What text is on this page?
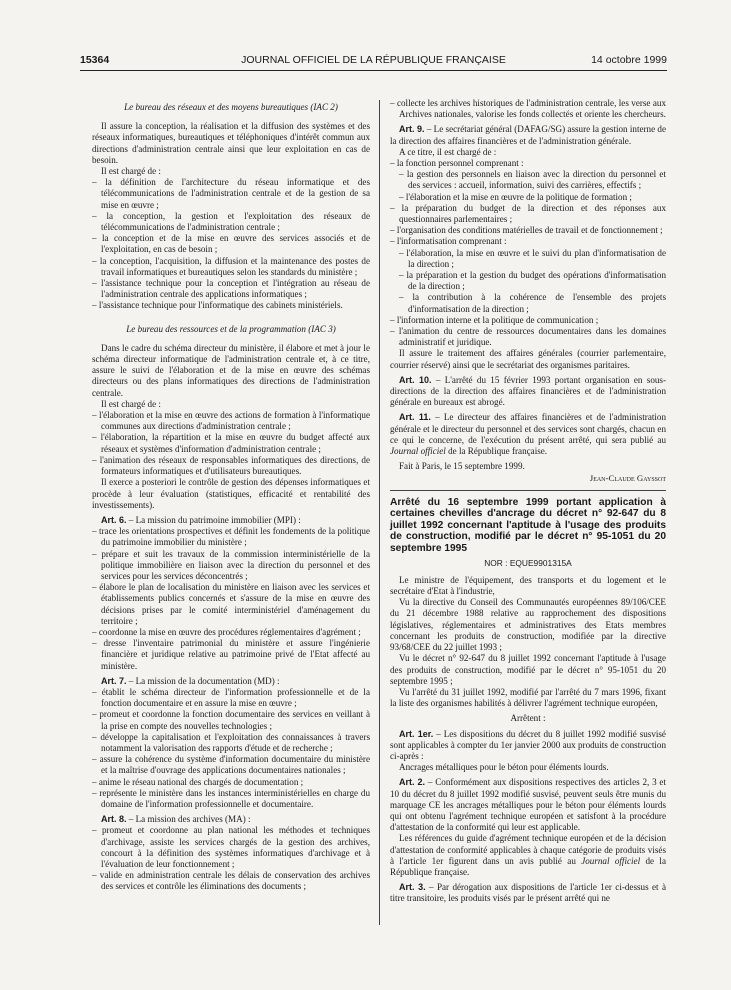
15364	JOURNAL OFFICIEL DE LA RÉPUBLIQUE FRANÇAISE	14 octobre 1999

Le bureau des réseaux et des moyens bureautiques (IAC 2)

Il assure la conception, la réalisation et la diffusion des systèmes et des réseaux informatiques, bureautiques et téléphoniques d'intérêt commun aux directions d'administration centrale ainsi que leur exploitation en cas de besoin.

Il est chargé de :

– la définition de l'architecture du réseau informatique et des télécommunications de l'administration centrale et de la gestion de sa mise en œuvre ;

– la conception, la gestion et l'exploitation des réseaux de télécommunications de l'administration centrale ;

– la conception et de la mise en œuvre des services associés et de l'exploitation, en cas de besoin ;

– la conception, l'acquisition, la diffusion et la maintenance des postes de travail informatiques et bureautiques selon les standards du ministère ;

– l'assistance technique pour la conception et l'intégration au réseau de l'administration centrale des applications informatiques ;

– l'assistance technique pour l'informatique des cabinets ministériels.

Le bureau des ressources et de la programmation (IAC 3)

Dans le cadre du schéma directeur du ministère, il élabore et met à jour le schéma directeur informatique de l'administration centrale et, à ce titre, assure le suivi de l'élaboration et de la mise en œuvre des schémas directeurs ou des plans informatiques des directions de l'administration centrale.

Il est chargé de :

– l'élaboration et la mise en œuvre des actions de formation à l'informatique communes aux directions d'administration centrale ;

– l'élaboration, la répartition et la mise en œuvre du budget affecté aux réseaux et systèmes d'information d'administration centrale ;

– l'animation des réseaux de responsables informatiques des directions, de formateurs informatiques et d'utilisateurs bureautiques.

Il exerce a posteriori le contrôle de gestion des dépenses informatiques et procède à leur évaluation (statistiques, efficacité et rentabilité des investissements).

Art. 6. – La mission du patrimoine immobilier (MPI) :

– trace les orientations prospectives et définit les fondements de la politique du patrimoine immobilier du ministère ;

– prépare et suit les travaux de la commission interministérielle de la politique immobilière en liaison avec la direction du personnel et des services pour les services déconcentrés ;

– élabore le plan de localisation du ministère en liaison avec les services et établissements publics concernés et s'assure de la mise en œuvre des décisions prises par le comité interministériel d'aménagement du territoire ;

– coordonne la mise en œuvre des procédures réglementaires d'agrément ;

– dresse l'inventaire patrimonial du ministère et assure l'ingénierie financière et juridique relative au patrimoine privé de l'Etat affecté au ministère.

Art. 7. – La mission de la documentation (MD) :

– établit le schéma directeur de l'information professionnelle et de la fonction documentaire et en assure la mise en œuvre ;

– promeut et coordonne la fonction documentaire des services en veillant à la prise en compte des nouvelles technologies ;

– développe la capitalisation et l'exploitation des connaissances à travers notamment la valorisation des rapports d'étude et de recherche ;

– assure la cohérence du système d'information documentaire du ministère et la maîtrise d'ouvrage des applications documentaires nationales ;

– anime le réseau national des chargés de documentation ;

– représente le ministère dans les instances interministérielles en charge du domaine de l'information professionnelle et documentaire.

Art. 8. – La mission des archives (MA) :

– promeut et coordonne au plan national les méthodes et techniques d'archivage, assiste les services chargés de la gestion des archives, concourt à la définition des systèmes informatiques d'archivage et à l'évaluation de leur fonctionnement ;

– valide en administration centrale les délais de conservation des archives des services et contrôle les éliminations des documents ;

– collecte les archives historiques de l'administration centrale, les verse aux Archives nationales, valorise les fonds collectés et oriente les chercheurs.

Art. 9. – Le secrétariat général (DAFAG/SG) assure la gestion interne de la direction des affaires financières et de l'administration générale.

A ce titre, il est chargé de :

– la fonction personnel comprenant :

– la gestion des personnels en liaison avec la direction du personnel et des services : accueil, information, suivi des carrières, effectifs ;

– l'élaboration et la mise en œuvre de la politique de formation ;

– la préparation du budget de la direction et des réponses aux questionnaires parlementaires ;

– l'organisation des conditions matérielles de travail et de fonctionnement ;

– l'informatisation comprenant :

– l'élaboration, la mise en œuvre et le suivi du plan d'informatisation de la direction ;

– la préparation et la gestion du budget des opérations d'informatisation de la direction ;

– la contribution à la cohérence de l'ensemble des projets d'informatisation de la direction ;

– l'information interne et la politique de communication ;

– l'animation du centre de ressources documentaires dans les domaines administratif et juridique.

Il assure le traitement des affaires générales (courrier parlementaire, courrier réservé) ainsi que le secrétariat des organismes paritaires.

Art. 10. – L'arrêté du 15 février 1993 portant organisation en sous-directions de la direction des affaires financières et de l'administration générale en bureaux est abrogé.

Art. 11. – Le directeur des affaires financières et de l'administration générale et le directeur du personnel et des services sont chargés, chacun en ce qui le concerne, de l'exécution du présent arrêté, qui sera publié au Journal officiel de la République française.

Fait à Paris, le 15 septembre 1999.

Jean-Claude Gayssot

Arrêté du 16 septembre 1999 portant application à certaines chevilles d'ancrage du décret n° 92-647 du 8 juillet 1992 concernant l'aptitude à l'usage des produits de construction, modifié par le décret n° 95-1051 du 20 septembre 1995

NOR : EQUE9901315A

Le ministre de l'équipement, des transports et du logement et le secrétaire d'Etat à l'industrie,

Vu la directive du Conseil des Communautés européennes 89/106/CEE du 21 décembre 1988 relative au rapprochement des dispositions législatives, réglementaires et administratives des Etats membres concernant les produits de construction, modifiée par la directive 93/68/CEE du 22 juillet 1993 ;

Vu le décret n° 92-647 du 8 juillet 1992 concernant l'aptitude à l'usage des produits de construction, modifié par le décret n° 95-1051 du 20 septembre 1995 ;

Vu l'arrêté du 31 juillet 1992, modifié par l'arrêté du 7 mars 1996, fixant la liste des organismes habilités à délivrer l'agrément technique européen,

Arrêtent :

Art. 1er. – Les dispositions du décret du 8 juillet 1992 modifié susvisé sont applicables à compter du 1er janvier 2000 aux produits de construction ci-après :

Ancrages métalliques pour le béton pour éléments lourds.

Art. 2. – Conformément aux dispositions respectives des articles 2, 3 et 10 du décret du 8 juillet 1992 modifié susvisé, peuvent seuls être munis du marquage CE les ancrages métalliques pour le béton pour éléments lourds qui ont obtenu l'agrément technique européen et satisfont à la procédure d'attestation de la conformité qui leur est applicable.

Les références du guide d'agrément technique européen et de la décision d'attestation de conformité applicables à chaque catégorie de produits visés à l'article 1er figurent dans un avis publié au Journal officiel de la République française.

Art. 3. – Par dérogation aux dispositions de l'article 1er ci-dessus et à titre transitoire, les produits visés par le présent arrêté qui ne
